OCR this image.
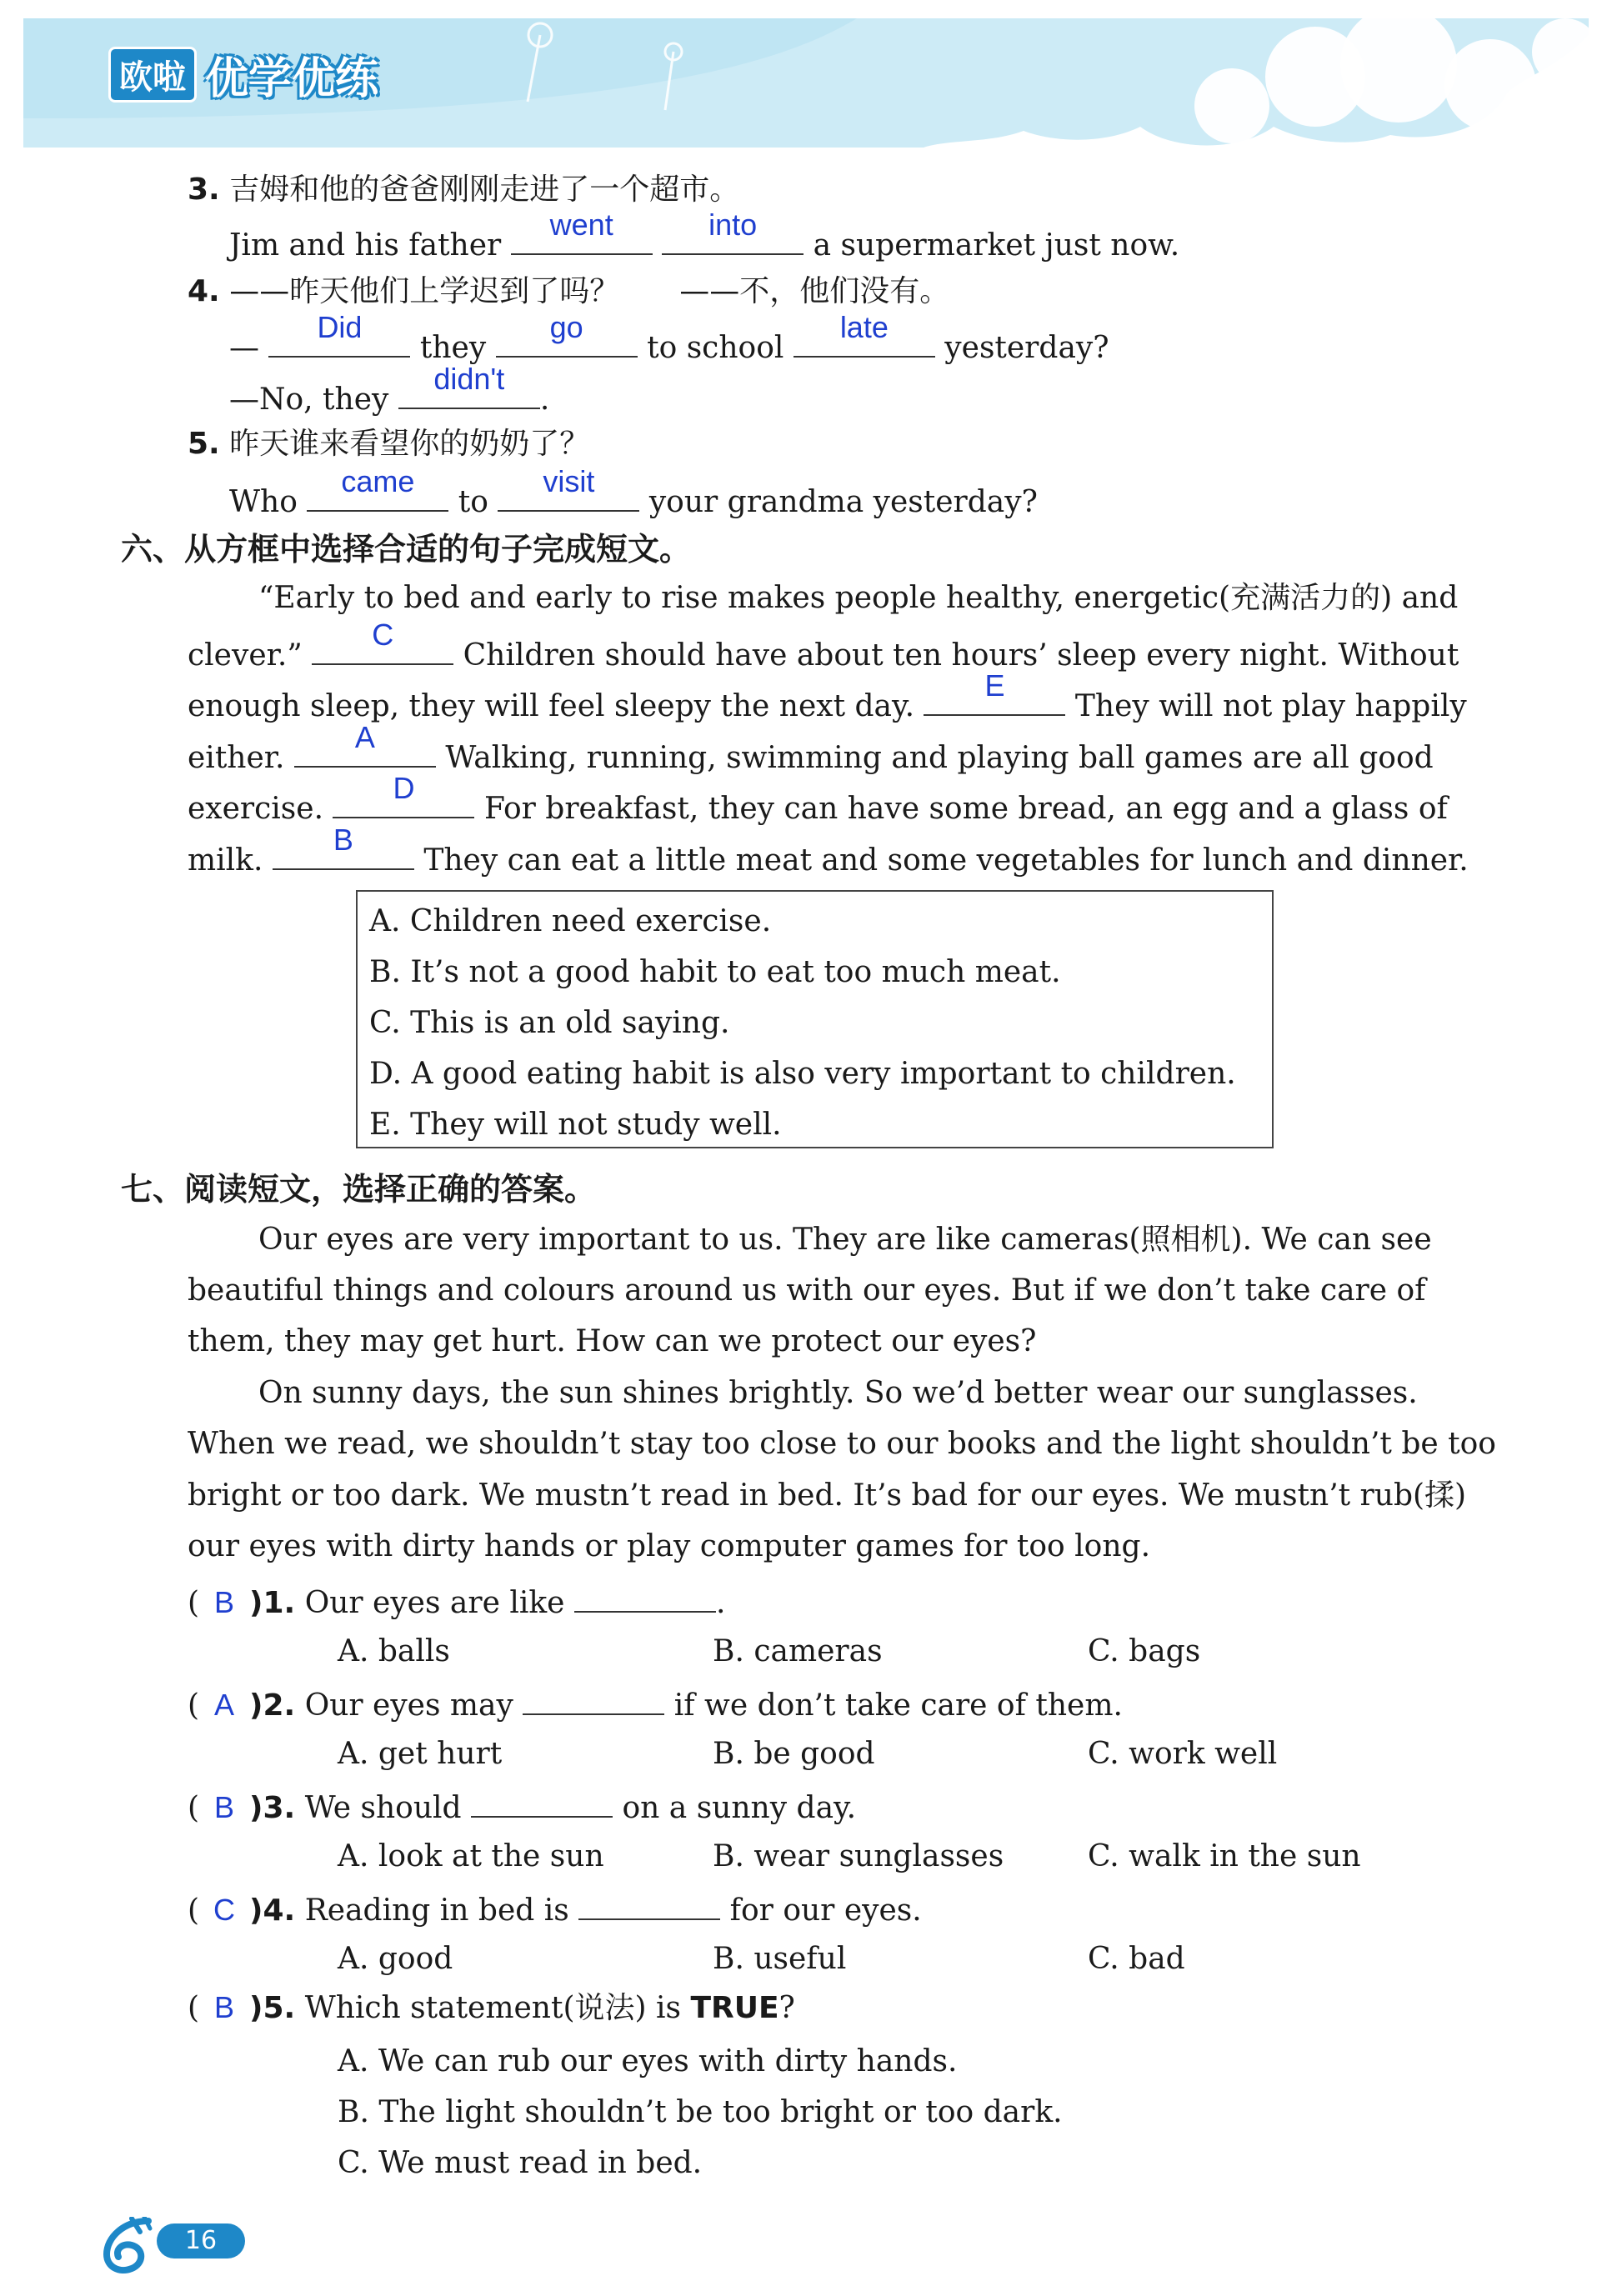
欧啦 优学优练
3. 吉姆和他的爸爸刚刚走进了一个超市。
Jim and his father
went
	into
a supermarket just now.
4. ——昨天他们上学迟到了吗？　　——不，他们没有。
—
Did
they
go
to school
late
yesterday?
—No, they
didn't
.
5. 昨天谁来看望你的奶奶了？
Who
came
to
visit
your grandma yesterday?
六、从方框中选择合适的句子完成短文。
“Early to bed and early to rise makes people healthy, energetic(充满活力的) and
clever.”
C
Children should have about ten hours’ sleep every night. Without
enough sleep, they will feel sleepy the next day.
E
They will not play happily
either.
A
Walking, running, swimming and playing ball games are all good
exercise.
D
For breakfast, they can have some bread, an egg and a glass of
milk.
B
They can eat a little meat and some vegetables for lunch and dinner.
A. Children need exercise.
B. It’s not a good habit to eat too much meat.
C. This is an old saying.
D. A good eating habit is also very important to children.
E. They will not study well.
七、阅读短文，选择正确的答案。
Our eyes are very important to us. They are like cameras(照相机). We can see
beautiful things and colours around us with our eyes. But if we don’t take care of
them, they may get hurt. How can we protect our eyes?
On sunny days, the sun shines brightly. So we’d better wear our sunglasses.
When we read, we shouldn’t stay too close to our books and the light shouldn’t be too
bright or too dark. We mustn’t read in bed. It’s bad for our eyes. We mustn’t rub(揉)
our eyes with dirty hands or play computer games for too long.
( B )1. Our eyes are like	.
A. balls	B. cameras	C. bags
( A )2. Our eyes may	if we don’t take care of them.
A. get hurt	B. be good	C. work well
( B )3. We should	on a sunny day.
A. look at the sun	B. wear sunglasses	C. walk in the sun
( C )4. Reading in bed is	for our eyes.
A. good	B. useful	C. bad
( B )5. Which statement(说法) is TRUE?
A. We can rub our eyes with dirty hands.
B. The light shouldn’t be too bright or too dark.
C. We must read in bed.
16
